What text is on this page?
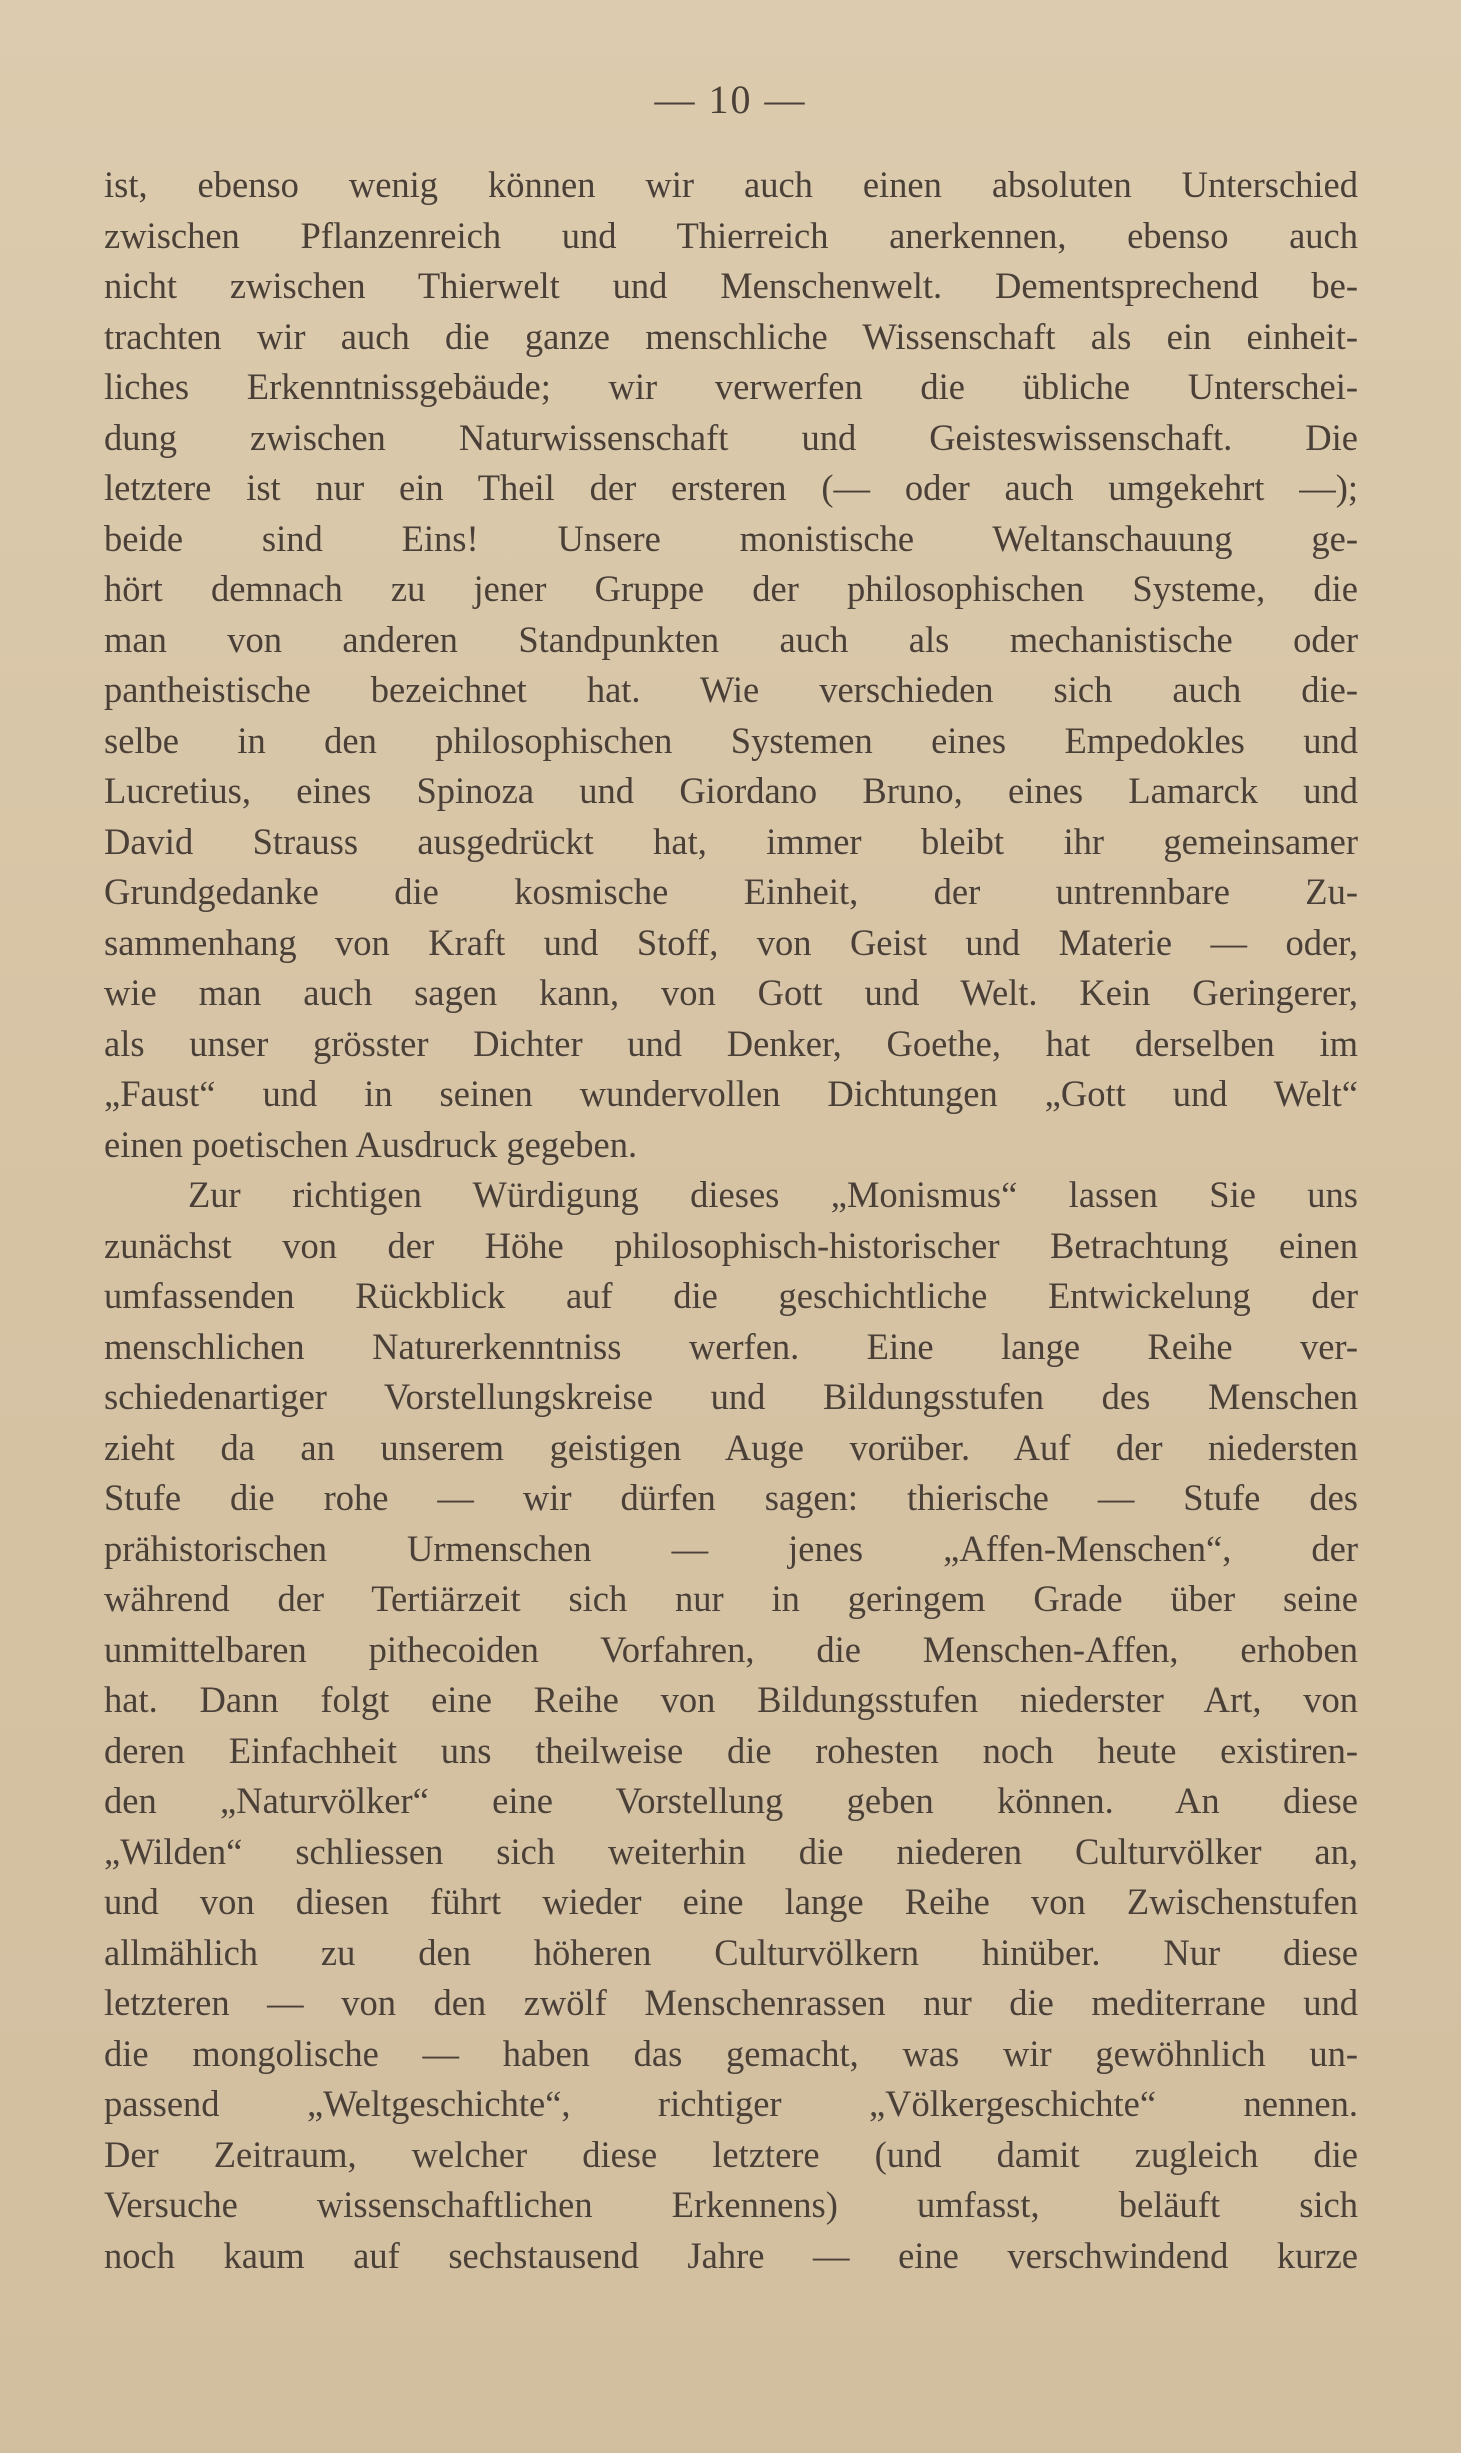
— 10 —
ist, ebenso wenig können wir auch einen absoluten Unterschied
zwischen Pflanzenreich und Thierreich anerkennen, ebenso auch
nicht zwischen Thierwelt und Menschenwelt. Dementsprechend be-
trachten wir auch die ganze menschliche Wissenschaft als ein einheit-
liches Erkenntnissgebäude; wir verwerfen die übliche Unterschei-
dung zwischen Naturwissenschaft und Geisteswissenschaft. Die
letztere ist nur ein Theil der ersteren (— oder auch umgekehrt —);
beide sind Eins! Unsere monistische Weltanschauung ge-
hört demnach zu jener Gruppe der philosophischen Systeme, die
man von anderen Standpunkten auch als mechanistische oder
pantheistische bezeichnet hat. Wie verschieden sich auch die-
selbe in den philosophischen Systemen eines Empedokles und
Lucretius, eines Spinoza und Giordano Bruno, eines Lamarck und
David Strauss ausgedrückt hat, immer bleibt ihr gemeinsamer
Grundgedanke die kosmische Einheit, der untrennbare Zu-
sammenhang von Kraft und Stoff, von Geist und Materie — oder,
wie man auch sagen kann, von Gott und Welt. Kein Geringerer,
als unser grösster Dichter und Denker, Goethe, hat derselben im
„Faust“ und in seinen wundervollen Dichtungen „Gott und Welt“
einen poetischen Ausdruck gegeben.
Zur richtigen Würdigung dieses „Monismus“ lassen Sie uns
zunächst von der Höhe philosophisch-historischer Betrachtung einen
umfassenden Rückblick auf die geschichtliche Entwickelung der
menschlichen Naturerkenntniss werfen. Eine lange Reihe ver-
schiedenartiger Vorstellungskreise und Bildungsstufen des Menschen
zieht da an unserem geistigen Auge vorüber. Auf der niedersten
Stufe die rohe — wir dürfen sagen: thierische — Stufe des
prähistorischen Urmenschen — jenes „Affen-Menschen“, der
während der Tertiärzeit sich nur in geringem Grade über seine
unmittelbaren pithecoiden Vorfahren, die Menschen-Affen, erhoben
hat. Dann folgt eine Reihe von Bildungsstufen niederster Art, von
deren Einfachheit uns theilweise die rohesten noch heute existiren-
den „Naturvölker“ eine Vorstellung geben können. An diese
„Wilden“ schliessen sich weiterhin die niederen Culturvölker an,
und von diesen führt wieder eine lange Reihe von Zwischenstufen
allmählich zu den höheren Culturvölkern hinüber. Nur diese
letzteren — von den zwölf Menschenrassen nur die mediterrane und
die mongolische — haben das gemacht, was wir gewöhnlich un-
passend „Weltgeschichte“, richtiger „Völkergeschichte“ nennen.
Der Zeitraum, welcher diese letztere (und damit zugleich die
Versuche wissenschaftlichen Erkennens) umfasst, beläuft sich
noch kaum auf sechstausend Jahre — eine verschwindend kurze
